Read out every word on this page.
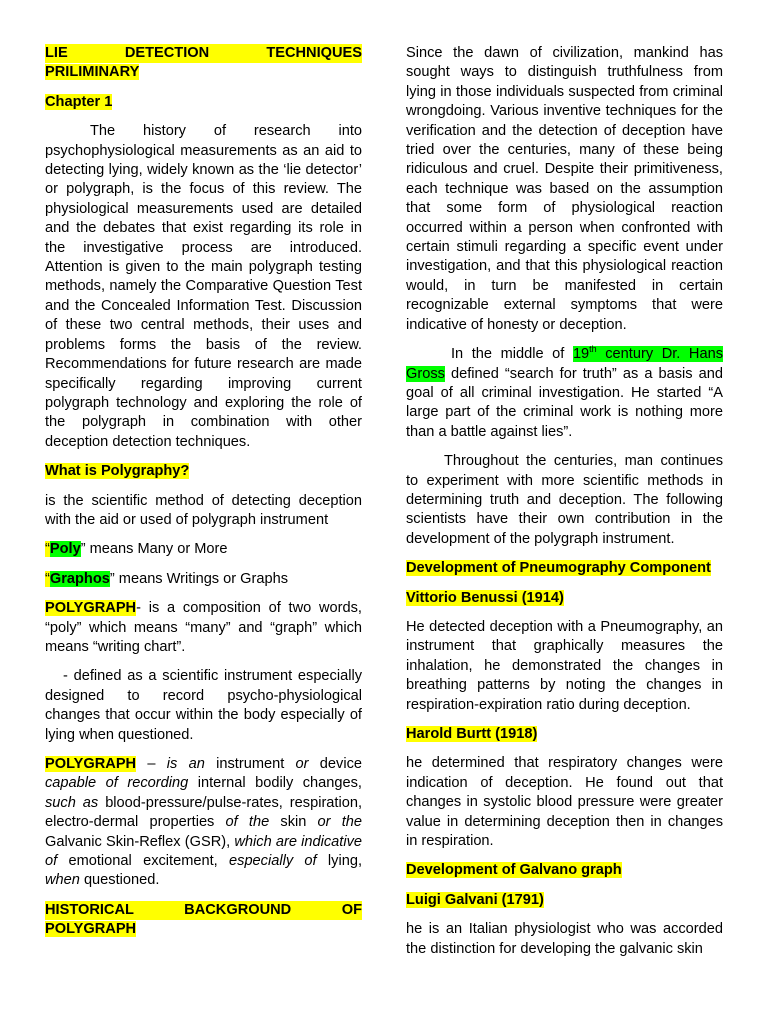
LIE DETECTION TECHNIQUES
PRILIMINARY

Chapter 1

The history of research into psychophysiological measurements as an aid to detecting lying, widely known as the ‘lie detector’ or polygraph, is the focus of this review. The physiological measurements used are detailed and the debates that exist regarding its role in the investigative process are introduced. Attention is given to the main polygraph testing methods, namely the Comparative Question Test and the Concealed Information Test. Discussion of these two central methods, their uses and problems forms the basis of the review. Recommendations for future research are made specifically regarding improving current polygraph technology and exploring the role of the polygraph in combination with other deception detection techniques.

What is Polygraphy?

is the scientific method of detecting deception with the aid or used of polygraph instrument

“Poly” means Many or More

“Graphos” means Writings or Graphs

POLYGRAPH- is a composition of two words, “poly” which means “many” and “graph” which means “writing chart”.

- defined as a scientific instrument especially designed to record psycho-physiological changes that occur within the body especially of lying when questioned.

POLYGRAPH – is an instrument or device capable of recording internal bodily changes, such as blood-pressure/pulse-rates, respiration, electro-dermal properties of the skin or the Galvanic Skin-Reflex (GSR), which are indicative of emotional excitement, especially of lying, when questioned.

HISTORICAL BACKGROUND OF
POLYGRAPH

Since the dawn of civilization, mankind has sought ways to distinguish truthfulness from lying in those individuals suspected from criminal wrongdoing. Various inventive techniques for the verification and the detection of deception have tried over the centuries, many of these being ridiculous and cruel. Despite their primitiveness, each technique was based on the assumption that some form of physiological reaction occurred within a person when confronted with certain stimuli regarding a specific event under investigation, and that this physiological reaction would, in turn be manifested in certain recognizable external symptoms that were indicative of honesty or deception.

In the middle of 19th century Dr. Hans Gross defined “search for truth” as a basis and goal of all criminal investigation. He started “A large part of the criminal work is nothing more than a battle against lies”.

Throughout the centuries, man continues to experiment with more scientific methods in determining truth and deception. The following scientists have their own contribution in the development of the polygraph instrument.

Development of Pneumography Component

Vittorio Benussi (1914)

He detected deception with a Pneumography, an instrument that graphically measures the inhalation, he demonstrated the changes in breathing patterns by noting the changes in respiration-expiration ratio during deception.

Harold Burtt (1918)

he determined that respiratory changes were indication of deception. He found out that changes in systolic blood pressure were greater value in determining deception then in changes in respiration.

Development of Galvano graph

Luigi Galvani (1791)

he is an Italian physiologist who was accorded the distinction for developing the galvanic skin
